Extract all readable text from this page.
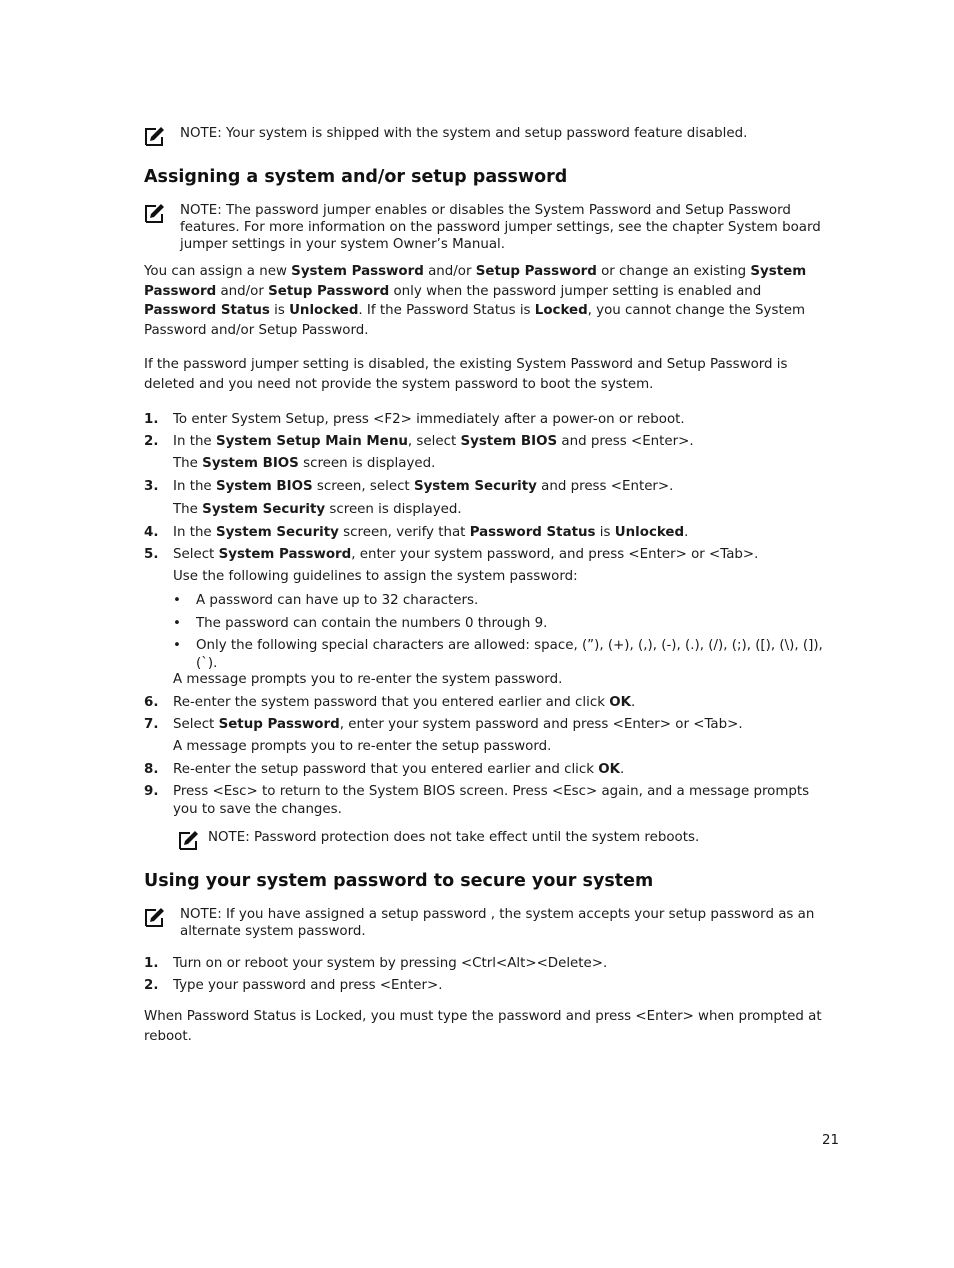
NOTE: Your system is shipped with the system and setup password feature disabled.
Assigning a system and/or setup password
NOTE: The password jumper enables or disables the System Password and Setup Password features. For more information on the password jumper settings, see the chapter System board jumper settings in your system Owner’s Manual.

You can assign a new System Password and/or Setup Password or change an existing System Password and/or Setup Password only when the password jumper setting is enabled and Password Status is Unlocked. If the Password Status is Locked, you cannot change the System Password and/or Setup Password.

If the password jumper setting is disabled, the existing System Password and Setup Password is deleted and you need not provide the system password to boot the system.

1. To enter System Setup, press <F2> immediately after a power-on or reboot.
2. In the System Setup Main Menu, select System BIOS and press <Enter>.
The System BIOS screen is displayed.
3. In the System BIOS screen, select System Security and press <Enter>.
The System Security screen is displayed.
4. In the System Security screen, verify that Password Status is Unlocked.
5. Select System Password, enter your system password, and press <Enter> or <Tab>.
Use the following guidelines to assign the system password:
• A password can have up to 32 characters.
• The password can contain the numbers 0 through 9.
• Only the following special characters are allowed: space, (”), (+), (,), (-), (.), (/), (;), ([), (\), (]), (`).
A message prompts you to re-enter the system password.
6. Re-enter the system password that you entered earlier and click OK.
7. Select Setup Password, enter your system password and press <Enter> or <Tab>.
A message prompts you to re-enter the setup password.
8. Re-enter the setup password that you entered earlier and click OK.
9. Press <Esc> to return to the System BIOS screen. Press <Esc> again, and a message prompts you to save the changes.
NOTE: Password protection does not take effect until the system reboots.
Using your system password to secure your system
NOTE: If you have assigned a setup password , the system accepts your setup password as an alternate system password.
1. Turn on or reboot your system by pressing <Ctrl<Alt><Delete>.
2. Type your password and press <Enter>.

When Password Status is Locked, you must type the password and press <Enter> when prompted at reboot.

21
